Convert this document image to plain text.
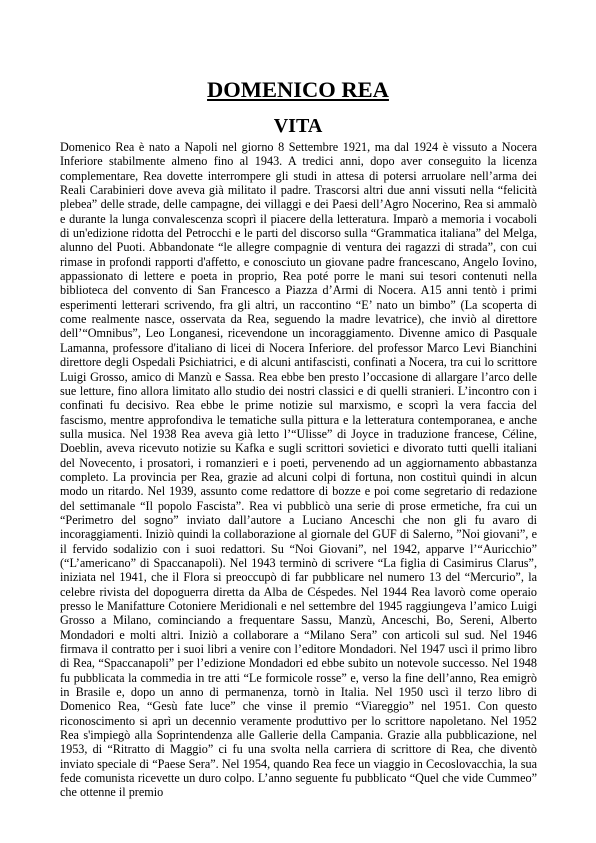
DOMENICO REA
VITA

Domenico Rea è nato a Napoli nel giorno 8 Settembre 1921, ma dal 1924 è vissuto a Nocera Inferiore stabilmente almeno fino al 1943. A tredici anni, dopo aver conseguito la licenza complementare, Rea dovette interrompere gli studi in attesa di potersi arruolare nell’arma dei Reali Carabinieri dove aveva già militato il padre. Trascorsi altri due anni vissuti nella “felicità plebea” delle strade, delle campagne, dei villaggi e dei Paesi dell’Agro Nocerino, Rea si ammalò e durante la lunga convalescenza scoprì il piacere della letteratura. Imparò a memoria i vocaboli di un'edizione ridotta del Petrocchi e le parti del discorso sulla “Grammatica italiana” del Melga, alunno del Puoti. Abbandonate “le allegre compagnie di ventura dei ragazzi di strada”, con cui rimase in profondi rapporti d'affetto, e conosciuto un giovane padre francescano, Angelo Iovino, appassionato di lettere e poeta in proprio, Rea poté porre le mani sui tesori contenuti nella biblioteca del convento di San Francesco a Piazza d’Armi di Nocera. A15 anni tentò i primi esperimenti letterari scrivendo, fra gli altri, un raccontino “E’ nato un bimbo” (La scoperta di come realmente nasce, osservata da Rea, seguendo la madre levatrice), che inviò al direttore dell’“Omnibus”, Leo Longanesi, ricevendone un incoraggiamento. Divenne amico di Pasquale Lamanna, professore d'italiano di licei di Nocera Inferiore. del professor Marco Levi Bianchini direttore degli Ospedali Psichiatrici, e di alcuni antifascisti, confinati a Nocera, tra cui lo scrittore Luigi Grosso, amico di Manzù e Sassa. Rea ebbe ben presto l’occasione di allargare l’arco delle sue letture, fino allora limitato allo studio dei nostri classici e di quelli stranieri. L’incontro con i confinati fu decisivo. Rea ebbe le prime notizie sul marxismo, e scoprì la vera faccia del fascismo, mentre approfondiva le tematiche sulla pittura e la letteratura contemporanea, e anche sulla musica. Nel 1938 Rea aveva già letto l’“Ulisse” di Joyce in traduzione francese, Céline, Doeblin, aveva ricevuto notizie su Kafka e sugli scrittori sovietici e divorato tutti quelli italiani del Novecento, i prosatori, i romanzieri e i poeti, pervenendo ad un aggiornamento abbastanza completo. La provincia per Rea, grazie ad alcuni colpi di fortuna, non costituì quindi in alcun modo un ritardo. Nel 1939, assunto come redattore di bozze e poi come segretario di redazione del settimanale “Il popolo Fascista”. Rea vi pubblicò una serie di prose ermetiche, fra cui un “Perimetro del sogno” inviato dall’autore a Luciano Anceschi che non gli fu avaro di incoraggiamenti. Iniziò quindi la collaborazione al giornale del GUF di Salerno, ”Noi giovani”, e il fervido sodalizio con i suoi redattori. Su “Noi Giovani”, nel 1942, apparve l’“Auricchio” (“L’americano” di Spaccanapoli). Nel 1943 terminò di scrivere “La figlia di Casimirus Clarus”, iniziata nel 1941, che il Flora si preoccupò di far pubblicare nel numero 13 del “Mercurio”, la celebre rivista del dopoguerra diretta da Alba de Céspedes. Nel 1944 Rea lavorò come operaio presso le Manifatture Cotoniere Meridionali e nel settembre del 1945 raggiungeva l’amico Luigi Grosso a Milano, cominciando a frequentare Sassu, Manzù, Anceschi, Bo, Sereni, Alberto Mondadori e molti altri. Iniziò a collaborare a “Milano Sera” con articoli sul sud. Nel 1946 firmava il contratto per i suoi libri a venire con l’editore Mondadori. Nel 1947 uscì il primo libro di Rea, “Spaccanapoli” per l’edizione Mondadori ed ebbe subito un notevole successo. Nel 1948 fu pubblicata la commedia in tre atti “Le formicole rosse” e, verso la fine dell’anno, Rea emigrò in Brasile e, dopo un anno di permanenza, tornò in Italia. Nel 1950 uscì il terzo libro di Domenico Rea, “Gesù fate luce” che vinse il premio “Viareggio” nel 1951. Con questo riconoscimento si aprì un decennio veramente produttivo per lo scrittore napoletano. Nel 1952 Rea s'impiegò alla Soprintendenza alle Gallerie della Campania. Grazie alla pubblicazione, nel 1953, di “Ritratto di Maggio” ci fu una svolta nella carriera di scrittore di Rea, che diventò inviato speciale di “Paese Sera”. Nel 1954, quando Rea fece un viaggio in Cecoslovacchia, la sua fede comunista ricevette un duro colpo. L’anno seguente fu pubblicato “Quel che vide Cummeo” che ottenne il premio
